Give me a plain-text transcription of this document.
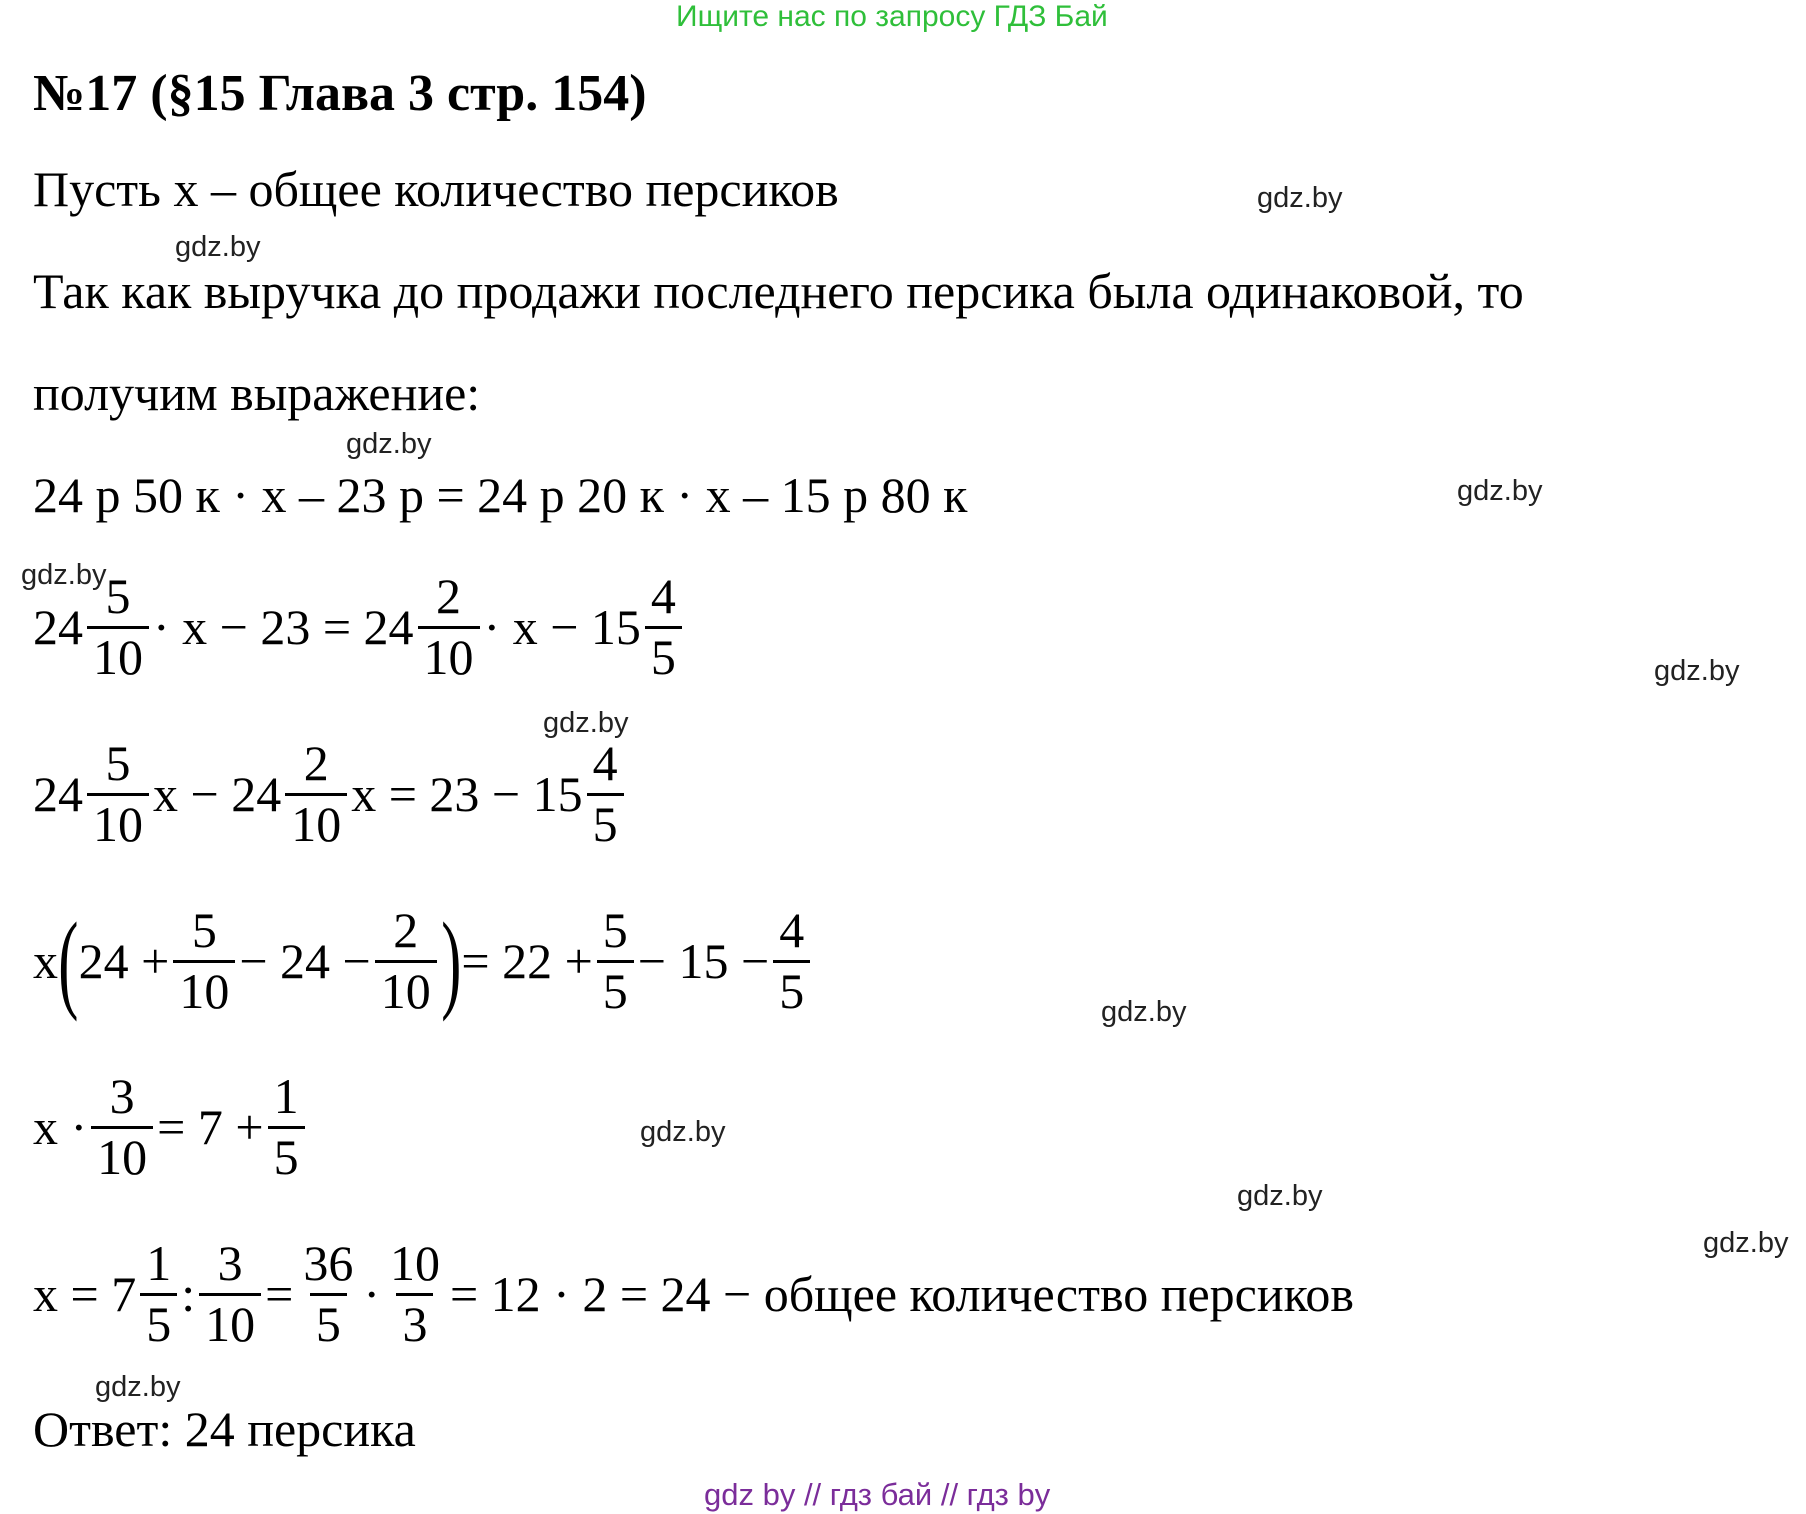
Ищите нас по запросу ГДЗ Бай
№17 (§15 Глава 3 стр. 154)
Пусть x – общее количество персиков
Так как выручка до продажи последнего персика была одинаковой, то
получим выражение:
24 р 50 к · x – 23 р = 24 р 20 к · x – 15 р 80 к
$24 \frac{5}{10} \cdot x - 23 = 24 \frac{2}{10} \cdot x - 15 \frac{4}{5}$
$24 \frac{5}{10}$ $x - 24 \frac{2}{10}$ $x = 23 - 15 \frac{4}{5}$
x ( $24 + \frac{5}{10} - 24 - \frac{2}{10}$ ) = $22 + \frac{5}{5} - 15 - \frac{4}{5}$
$x \cdot \frac{3}{10} = 7 + \frac{1}{5}$
$x = 7 \frac{1}{5}$ : $\frac{3}{10} = \frac{36}{5} \cdot \frac{10}{3} = 12 \cdot 2 = 24$ − общее количество персиков
Ответ: 24 персика
gdz.by
gdz.by
gdz.by
gdz.by
gdz.by
gdz.by
gdz.by
gdz.by
gdz.by
gdz.by
gdz.by
gdz.by
gdz by // гдз бай // гдз by
